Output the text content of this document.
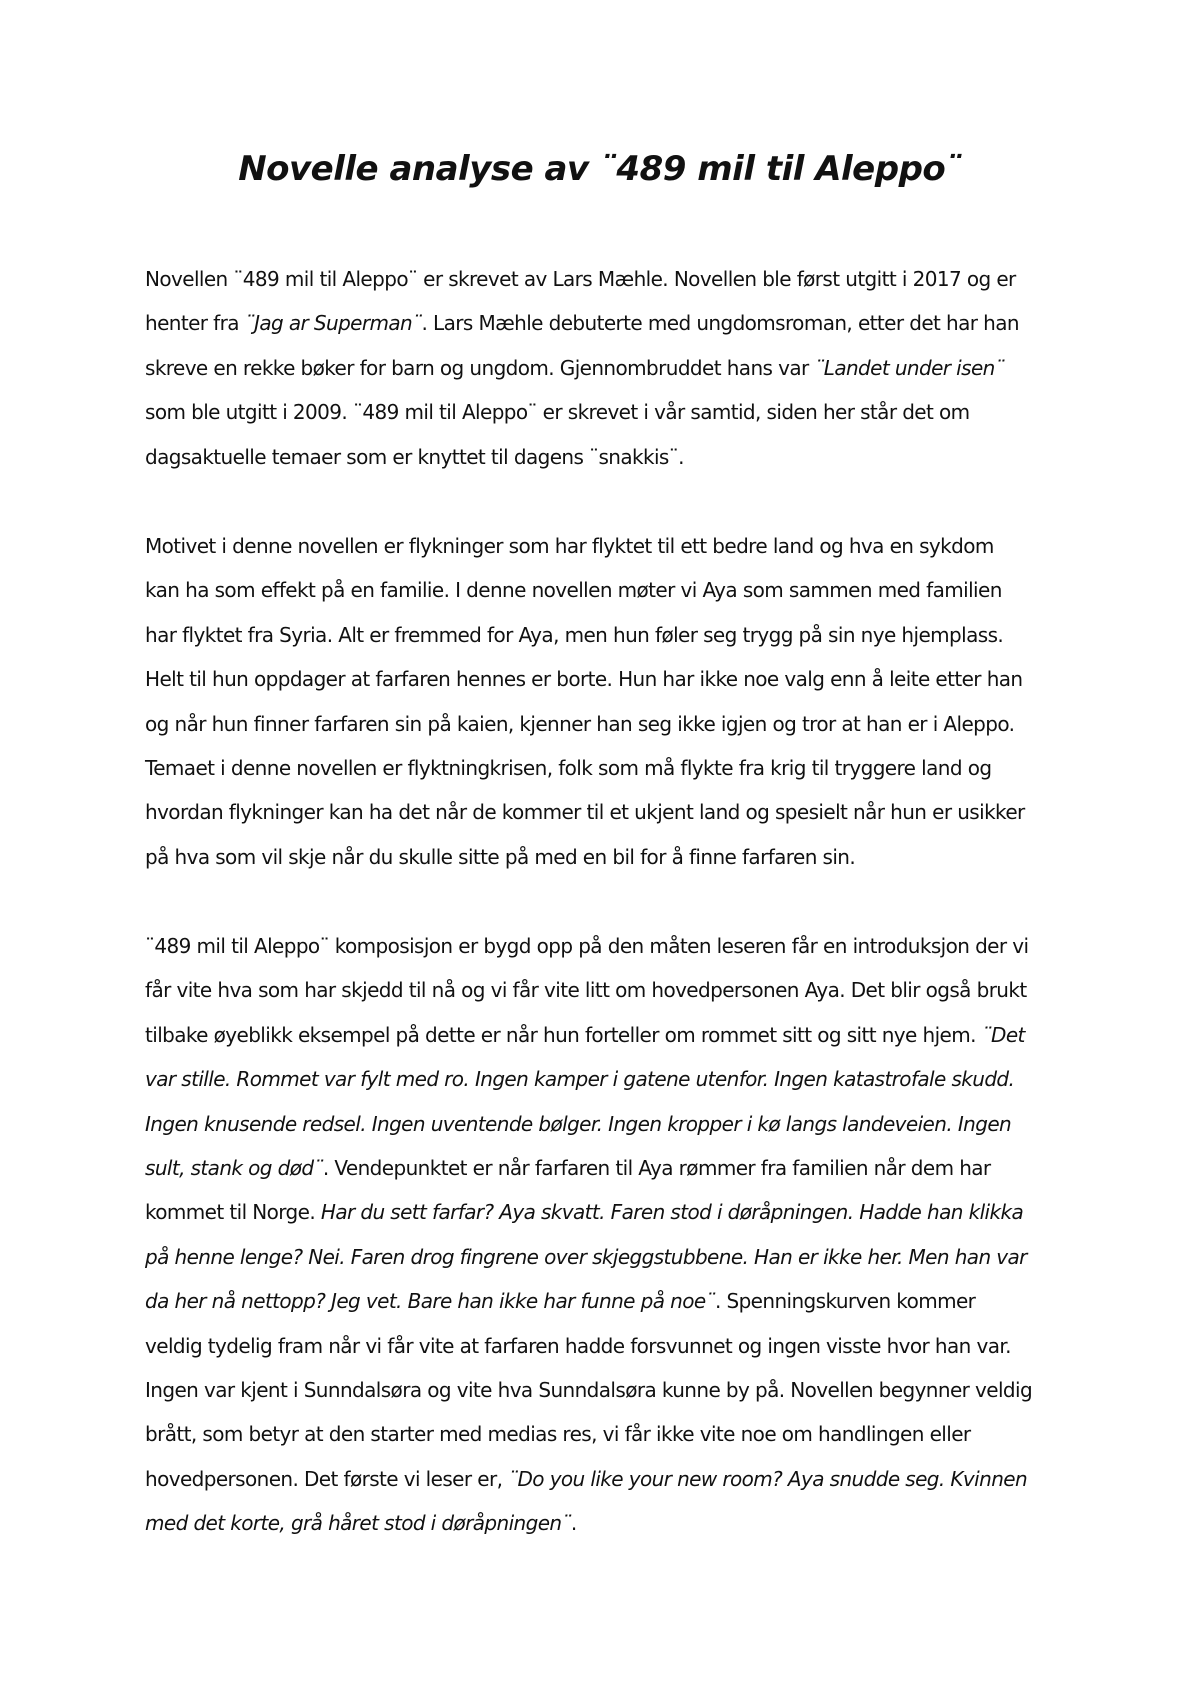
Novelle analyse av ¨489 mil til Aleppo¨
Novellen ¨489 mil til Aleppo¨ er skrevet av Lars Mæhle. Novellen ble først utgitt i 2017 og er
henter fra ¨Jag ar Superman¨. Lars Mæhle debuterte med ungdomsroman, etter det har han
skreve en rekke bøker for barn og ungdom. Gjennombruddet hans var ¨Landet under isen¨
som ble utgitt i 2009. ¨489 mil til Aleppo¨ er skrevet i vår samtid, siden her står det om
dagsaktuelle temaer som er knyttet til dagens ¨snakkis¨.
Motivet i denne novellen er flykninger som har flyktet til ett bedre land og hva en sykdom
kan ha som effekt på en familie. I denne novellen møter vi Aya som sammen med familien
har flyktet fra Syria. Alt er fremmed for Aya, men hun føler seg trygg på sin nye hjemplass.
Helt til hun oppdager at farfaren hennes er borte. Hun har ikke noe valg enn å leite etter han
og når hun finner farfaren sin på kaien, kjenner han seg ikke igjen og tror at han er i Aleppo.
Temaet i denne novellen er flyktningkrisen, folk som må flykte fra krig til tryggere land og
hvordan flykninger kan ha det når de kommer til et ukjent land og spesielt når hun er usikker
på hva som vil skje når du skulle sitte på med en bil for å finne farfaren sin.
¨489 mil til Aleppo¨ komposisjon er bygd opp på den måten leseren får en introduksjon der vi
får vite hva som har skjedd til nå og vi får vite litt om hovedpersonen Aya. Det blir også brukt
tilbake øyeblikk eksempel på dette er når hun forteller om rommet sitt og sitt nye hjem. ¨Det
var stille. Rommet var fylt med ro. Ingen kamper i gatene utenfor. Ingen katastrofale skudd.
Ingen knusende redsel. Ingen uventende bølger. Ingen kropper i kø langs landeveien. Ingen
sult, stank og død¨. Vendepunktet er når farfaren til Aya rømmer fra familien når dem har
kommet til Norge. Har du sett farfar? Aya skvatt. Faren stod i døråpningen. Hadde han klikka
på henne lenge? Nei. Faren drog fingrene over skjeggstubbene. Han er ikke her. Men han var
da her nå nettopp? Jeg vet. Bare han ikke har funne på noe¨. Spenningskurven kommer
veldig tydelig fram når vi får vite at farfaren hadde forsvunnet og ingen visste hvor han var.
Ingen var kjent i Sunndalsøra og vite hva Sunndalsøra kunne by på. Novellen begynner veldig
brått, som betyr at den starter med medias res, vi får ikke vite noe om handlingen eller
hovedpersonen. Det første vi leser er, ¨Do you like your new room? Aya snudde seg. Kvinnen
med det korte, grå håret stod i døråpningen¨.
